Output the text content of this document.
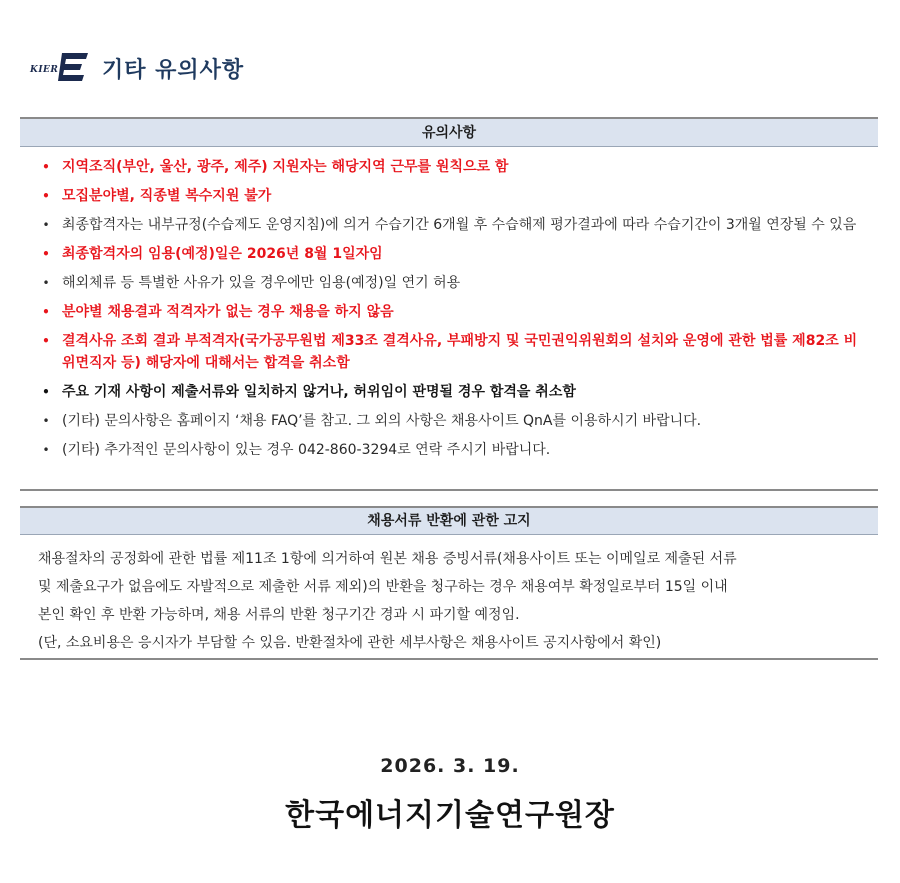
KIER 기타 유의사항
유의사항
• 지역조직(부안, 울산, 광주, 제주) 지원자는 해당지역 근무를 원칙으로 함
• 모집분야별, 직종별 복수지원 불가
• 최종합격자는 내부규정(수습제도 운영지침)에 의거 수습기간 6개월 후 수습해제 평가결과에 따라 수습기간이 3개월 연장될 수 있음
• 최종합격자의 임용(예정)일은 2026년 8월 1일자임
• 해외체류 등 특별한 사유가 있을 경우에만 임용(예정)일 연기 허용
• 분야별 채용결과 적격자가 없는 경우 채용을 하지 않음
• 결격사유 조회 결과 부적격자(국가공무원법 제33조 결격사유, 부패방지 및 국민권익위원회의 설치와 운영에 관한 법률 제82조 비위면직자 등) 해당자에 대해서는 합격을 취소함
• 주요 기재 사항이 제출서류와 일치하지 않거나, 허위임이 판명될 경우 합격을 취소함
• (기타) 문의사항은 홈페이지 ‘채용 FAQ’를 참고. 그 외의 사항은 채용사이트 QnA를 이용하시기 바랍니다.
• (기타) 추가적인 문의사항이 있는 경우 042-860-3294로 연락 주시기 바랍니다.
채용서류 반환에 관한 고지

채용절차의 공정화에 관한 법률 제11조 1항에 의거하여 원본 채용 증빙서류(채용사이트 또는 이메일로 제출된 서류

및 제출요구가 없음에도 자발적으로 제출한 서류 제외)의 반환을 청구하는 경우 채용여부 확정일로부터 15일 이내

본인 확인 후 반환 가능하며, 채용 서류의 반환 청구기간 경과 시 파기할 예정임.

(단, 소요비용은 응시자가 부담할 수 있음. 반환절차에 관한 세부사항은 채용사이트 공지사항에서 확인)

2026. 3. 19.
한국에너지기술연구원장
